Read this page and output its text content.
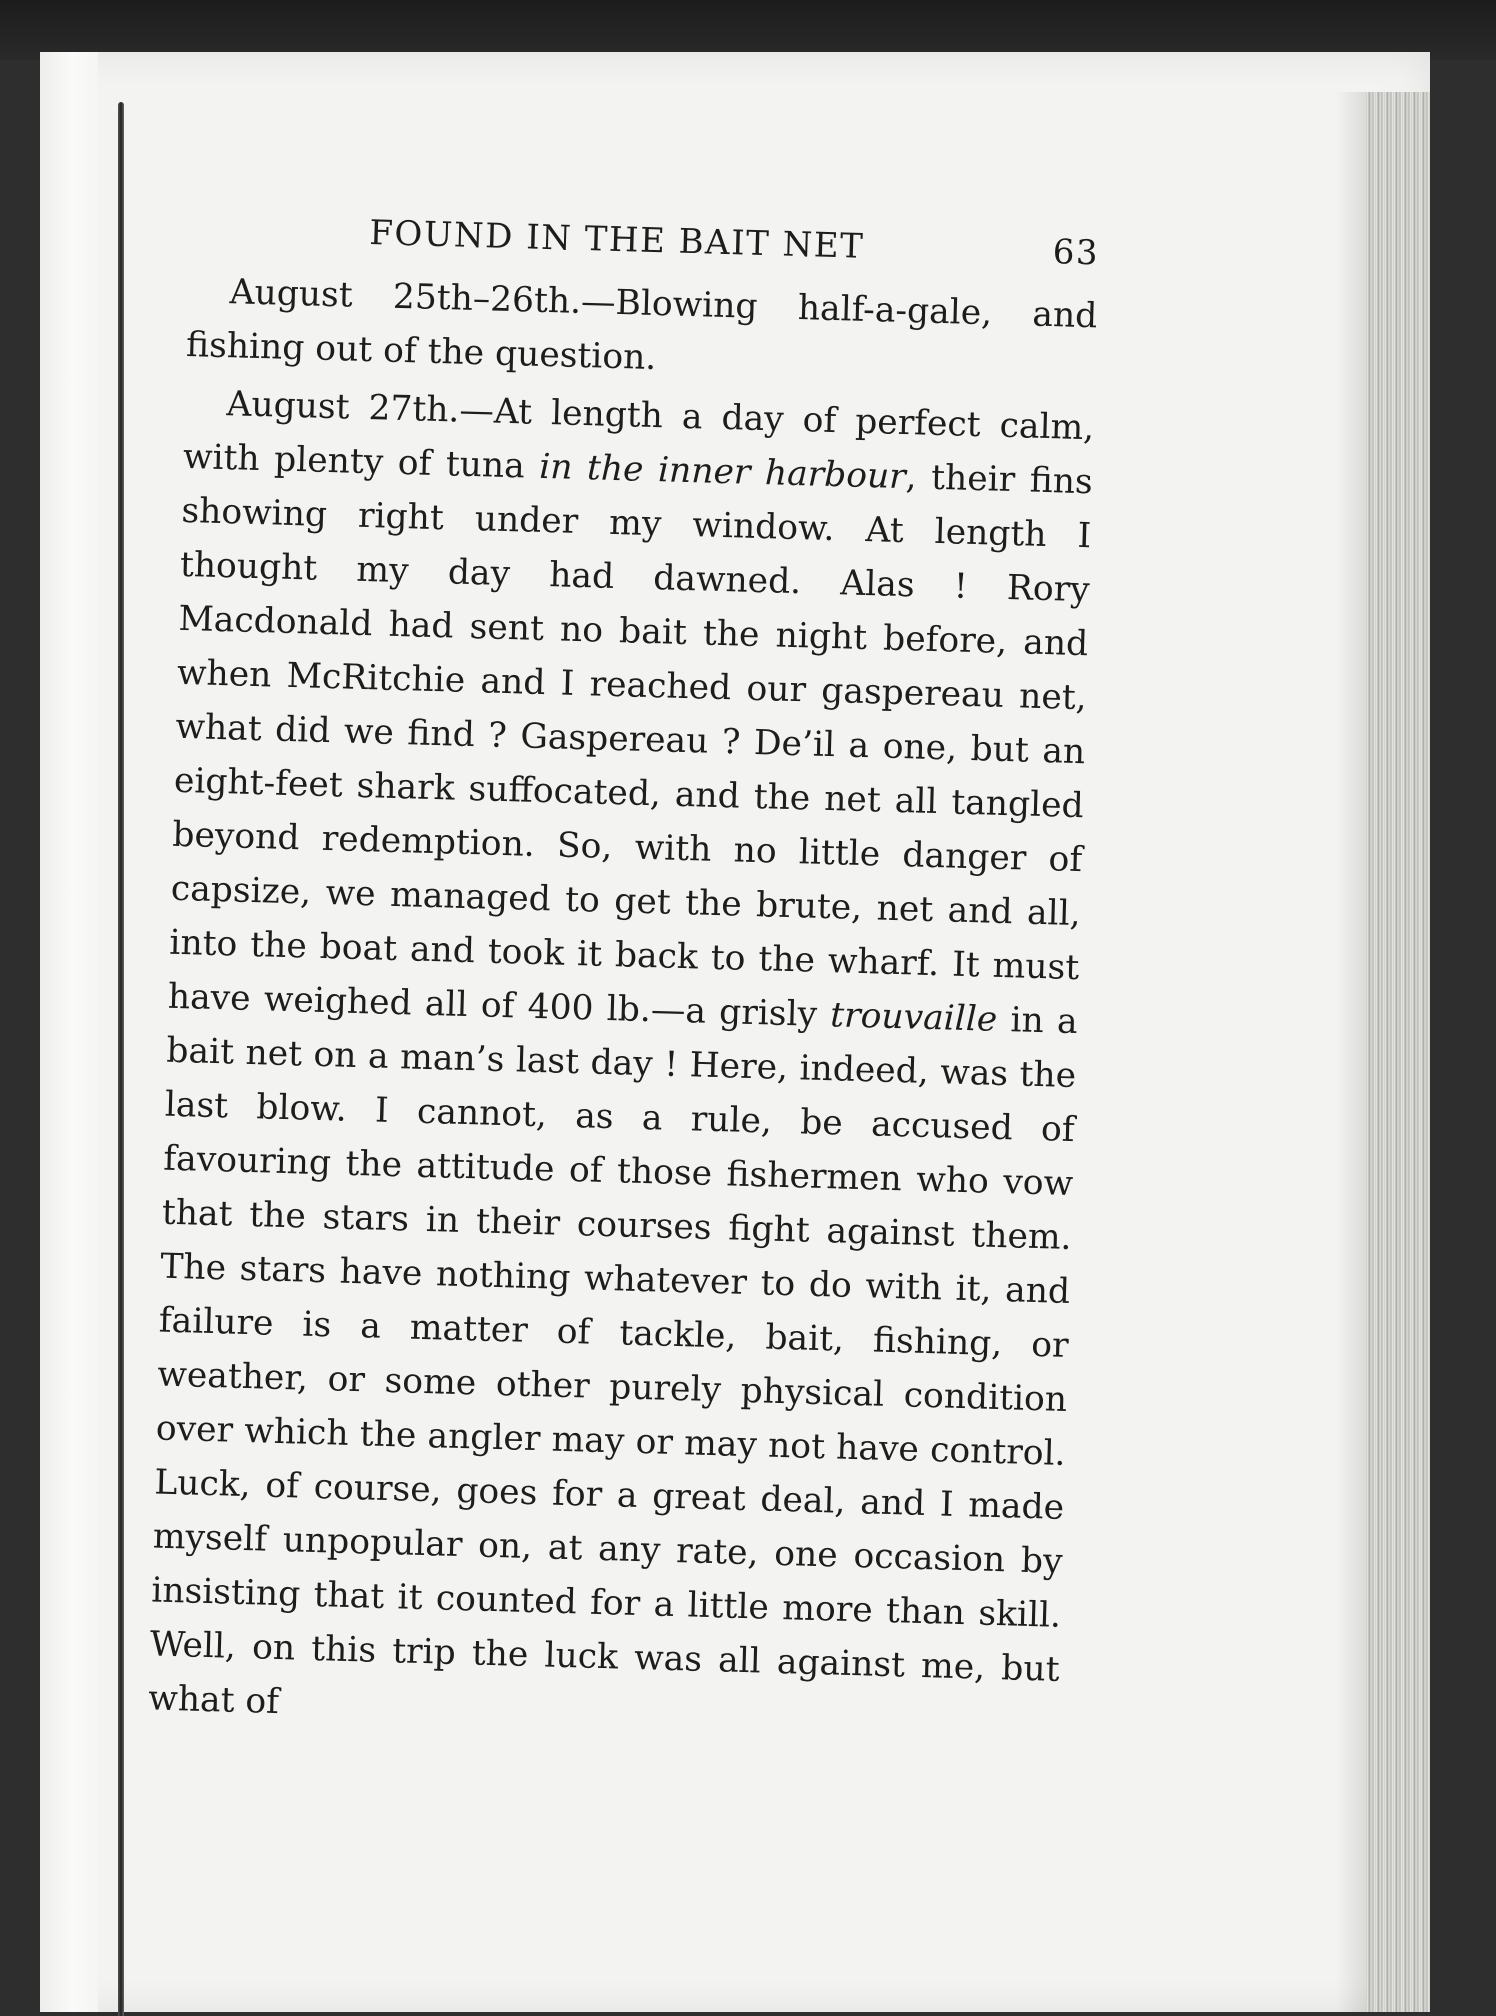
FOUND IN THE BAIT NET	63

August 25th–26th.—Blowing half-a-gale, and fishing out of the question.

August 27th.—At length a day of perfect calm, with plenty of tuna in the inner harbour, their fins showing right under my window. At length I thought my day had dawned. Alas ! Rory Macdonald had sent no bait the night before, and when McRitchie and I reached our gaspereau net, what did we find ? Gaspereau ? De’il a one, but an eight-feet shark suffocated, and the net all tangled beyond redemption. So, with no little danger of capsize, we managed to get the brute, net and all, into the boat and took it back to the wharf. It must have weighed all of 400 lb.—a grisly trouvaille in a bait net on a man’s last day ! Here, indeed, was the last blow. I cannot, as a rule, be accused of favouring the attitude of those fishermen who vow that the stars in their courses fight against them. The stars have nothing whatever to do with it, and failure is a matter of tackle, bait, fishing, or weather, or some other purely physical condition over which the angler may or may not have control. Luck, of course, goes for a great deal, and I made myself unpopular on, at any rate, one occasion by insisting that it counted for a little more than skill. Well, on this trip the luck was all against me, but what of
